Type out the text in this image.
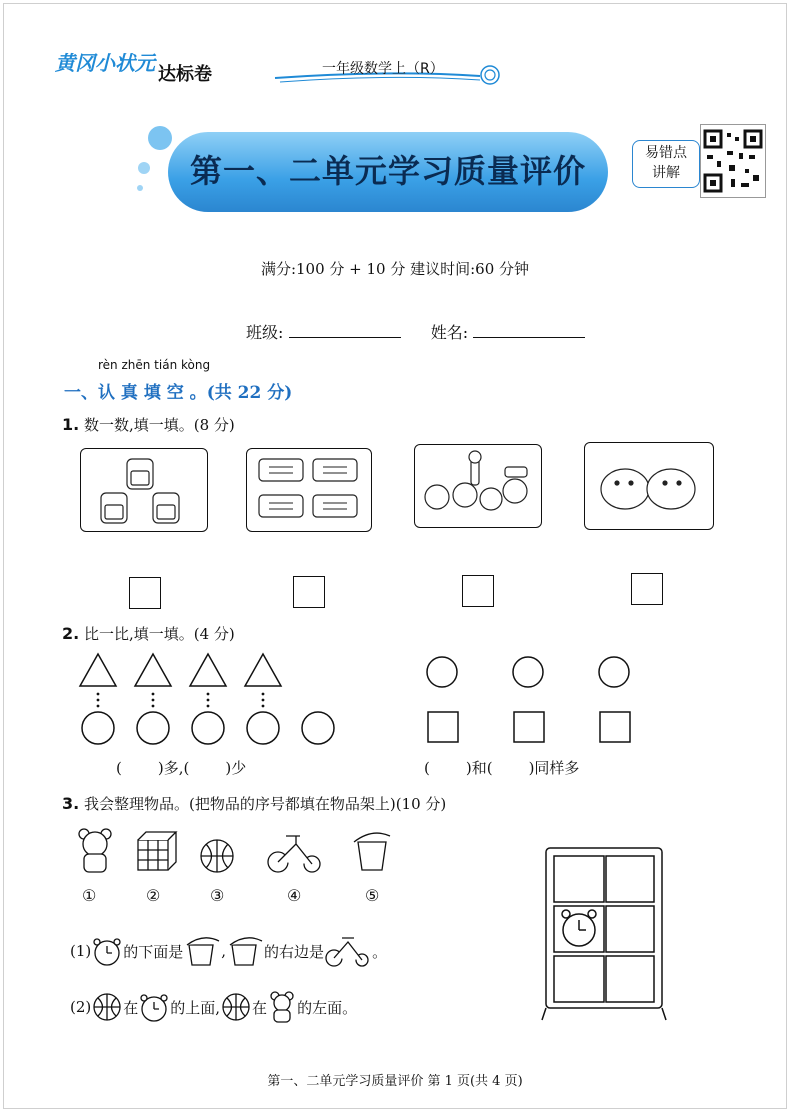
黄冈小状元 达标卷	一年级数学上（R）
第一、二单元学习质量评价	易错点
讲解
满分:100 分 + 10 分 建议时间:60 分钟
班级:	姓名:
rèn zhēn tián kòng
一、认 真 填 空 。(共 22 分)
1. 数一数,填一填。(8 分)
2. 比一比,填一填。(4 分)
( )多,( )少	( )和( )同样多
3. 我会整理物品。(把物品的序号都填在物品架上)(10 分)
①	②	③	④	⑤
(1) 的下面是	,	的右边是	。
(2) 在 的上面, 在 的左面。
第一、二单元学习质量评价 第 1 页(共 4 页)
